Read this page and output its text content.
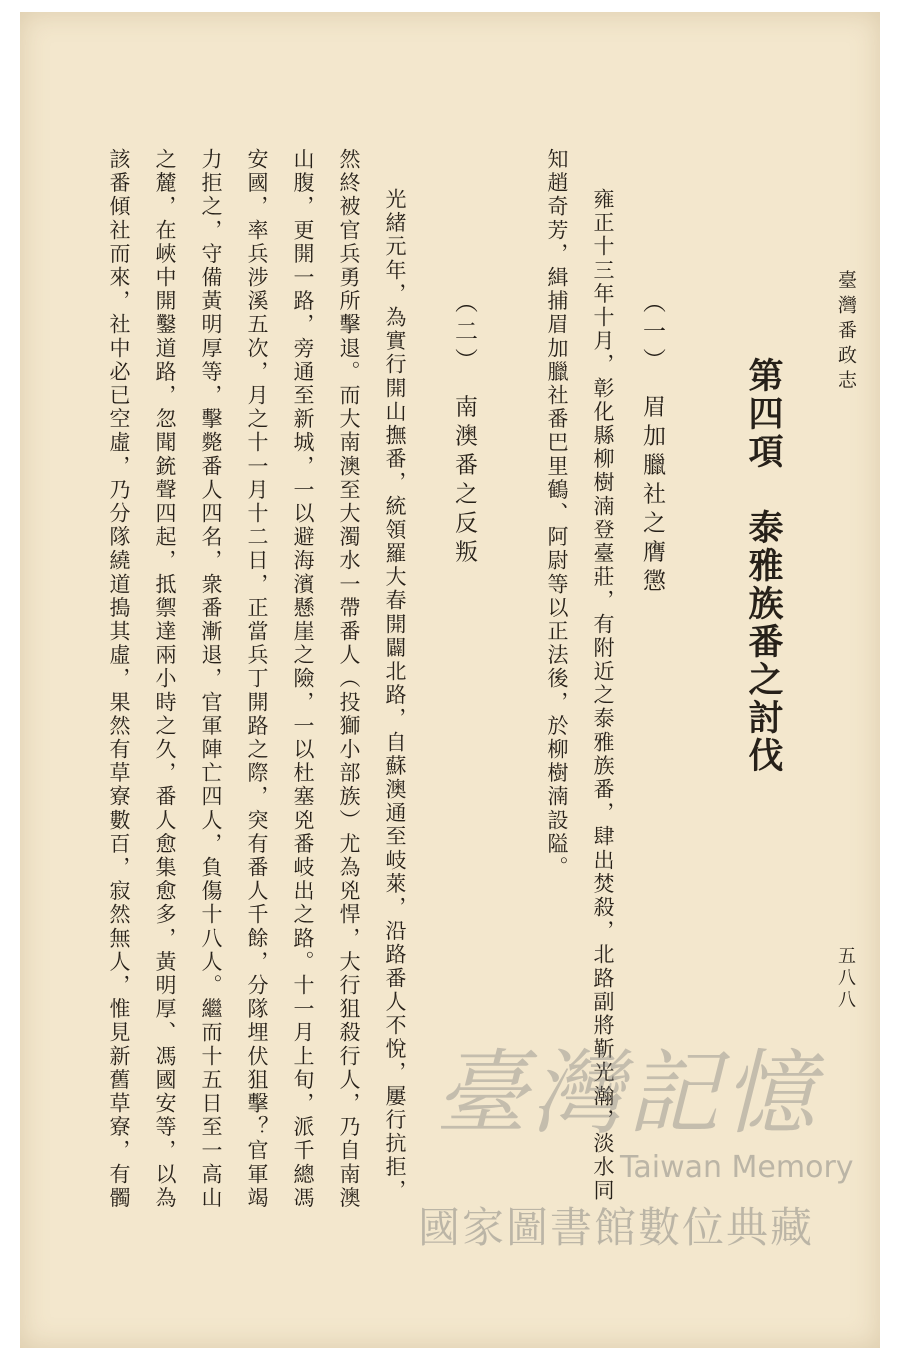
臺灣番政志
五八八
第四項　泰雅族番之討伐
（一）　眉加臘社之膺懲
雍正十三年十月，彰化縣柳樹湳登臺莊，有附近之泰雅族番，肆出焚殺，北路副將靳光瀚，淡水同
知趙奇芳，緝捕眉加臘社番巴里鶴、阿尉等以正法後，於柳樹湳設隘。
（二）　南澳番之反叛
光緒元年，為實行開山撫番，統領羅大春開闢北路，自蘇澳通至岐萊，沿路番人不悅，屢行抗拒，
然終被官兵勇所擊退。而大南澳至大濁水一帶番人（投獅小部族）尤為兇悍，大行狙殺行人，乃自南澳
山腹，更開一路，旁通至新城，一以避海濱懸崖之險，一以杜塞兇番岐出之路。十一月上旬，派千總馮
安國，率兵涉溪五次，月之十一月十二日，正當兵丁開路之際，突有番人千餘，分隊埋伏狙擊？官軍竭
力拒之，守備黃明厚等，擊斃番人四名，衆番漸退，官軍陣亡四人，負傷十八人。繼而十五日至一高山
之麓，在峽中開鑿道路，忽聞銃聲四起，抵禦達兩小時之久，番人愈集愈多，黃明厚、馮國安等，以為
該番傾社而來，社中必已空虛，乃分隊繞道搗其虛，果然有草寮數百，寂然無人，惟見新舊草寮，有髑	臺灣記憶
Taiwan Memory
國家圖書館數位典藏
